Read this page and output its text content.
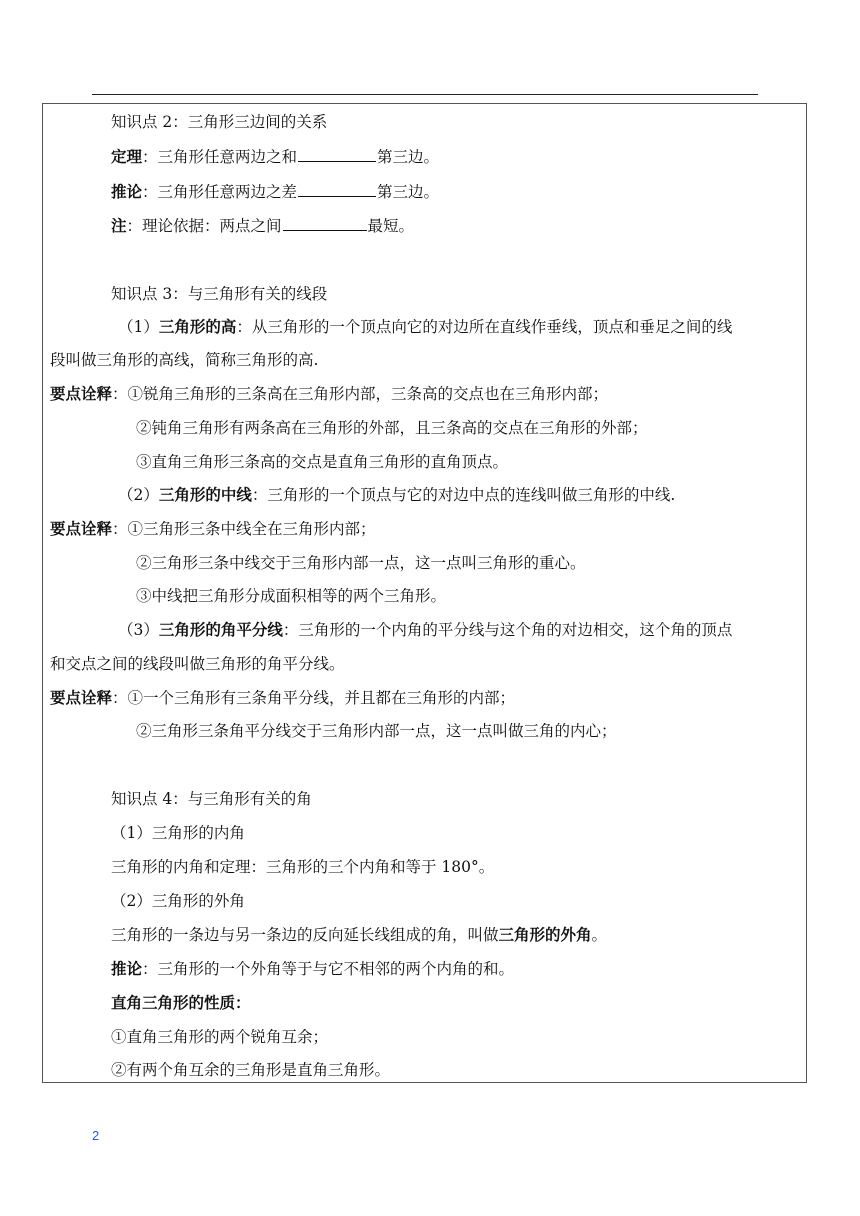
知识点 2：三角形三边间的关系
定理：三角形任意两边之和	第三边。
推论：三角形任意两边之差	第三边。
注：理论依据：两点之间	最短。
知识点 3：与三角形有关的线段
（1）三角形的高：从三角形的一个顶点向它的对边所在直线作垂线，顶点和垂足之间的线
段叫做三角形的高线，简称三角形的高.
要点诠释：①锐角三角形的三条高在三角形内部，三条高的交点也在三角形内部；
②钝角三角形有两条高在三角形的外部，且三条高的交点在三角形的外部；
③直角三角形三条高的交点是直角三角形的直角顶点。
（2）三角形的中线：三角形的一个顶点与它的对边中点的连线叫做三角形的中线.
要点诠释：①三角形三条中线全在三角形内部；
②三角形三条中线交于三角形内部一点，这一点叫三角形的重心。
③中线把三角形分成面积相等的两个三角形。
（3）三角形的角平分线：三角形的一个内角的平分线与这个角的对边相交，这个角的顶点
和交点之间的线段叫做三角形的角平分线。
要点诠释：①一个三角形有三条角平分线，并且都在三角形的内部；
②三角形三条角平分线交于三角形内部一点，这一点叫做三角的内心；
知识点 4：与三角形有关的角
（1）三角形的内角
三角形的内角和定理：三角形的三个内角和等于 180°。
（2）三角形的外角
三角形的一条边与另一条边的反向延长线组成的角，叫做三角形的外角。
推论：三角形的一个外角等于与它不相邻的两个内角的和。
直角三角形的性质：
①直角三角形的两个锐角互余；
②有两个角互余的三角形是直角三角形。
2
